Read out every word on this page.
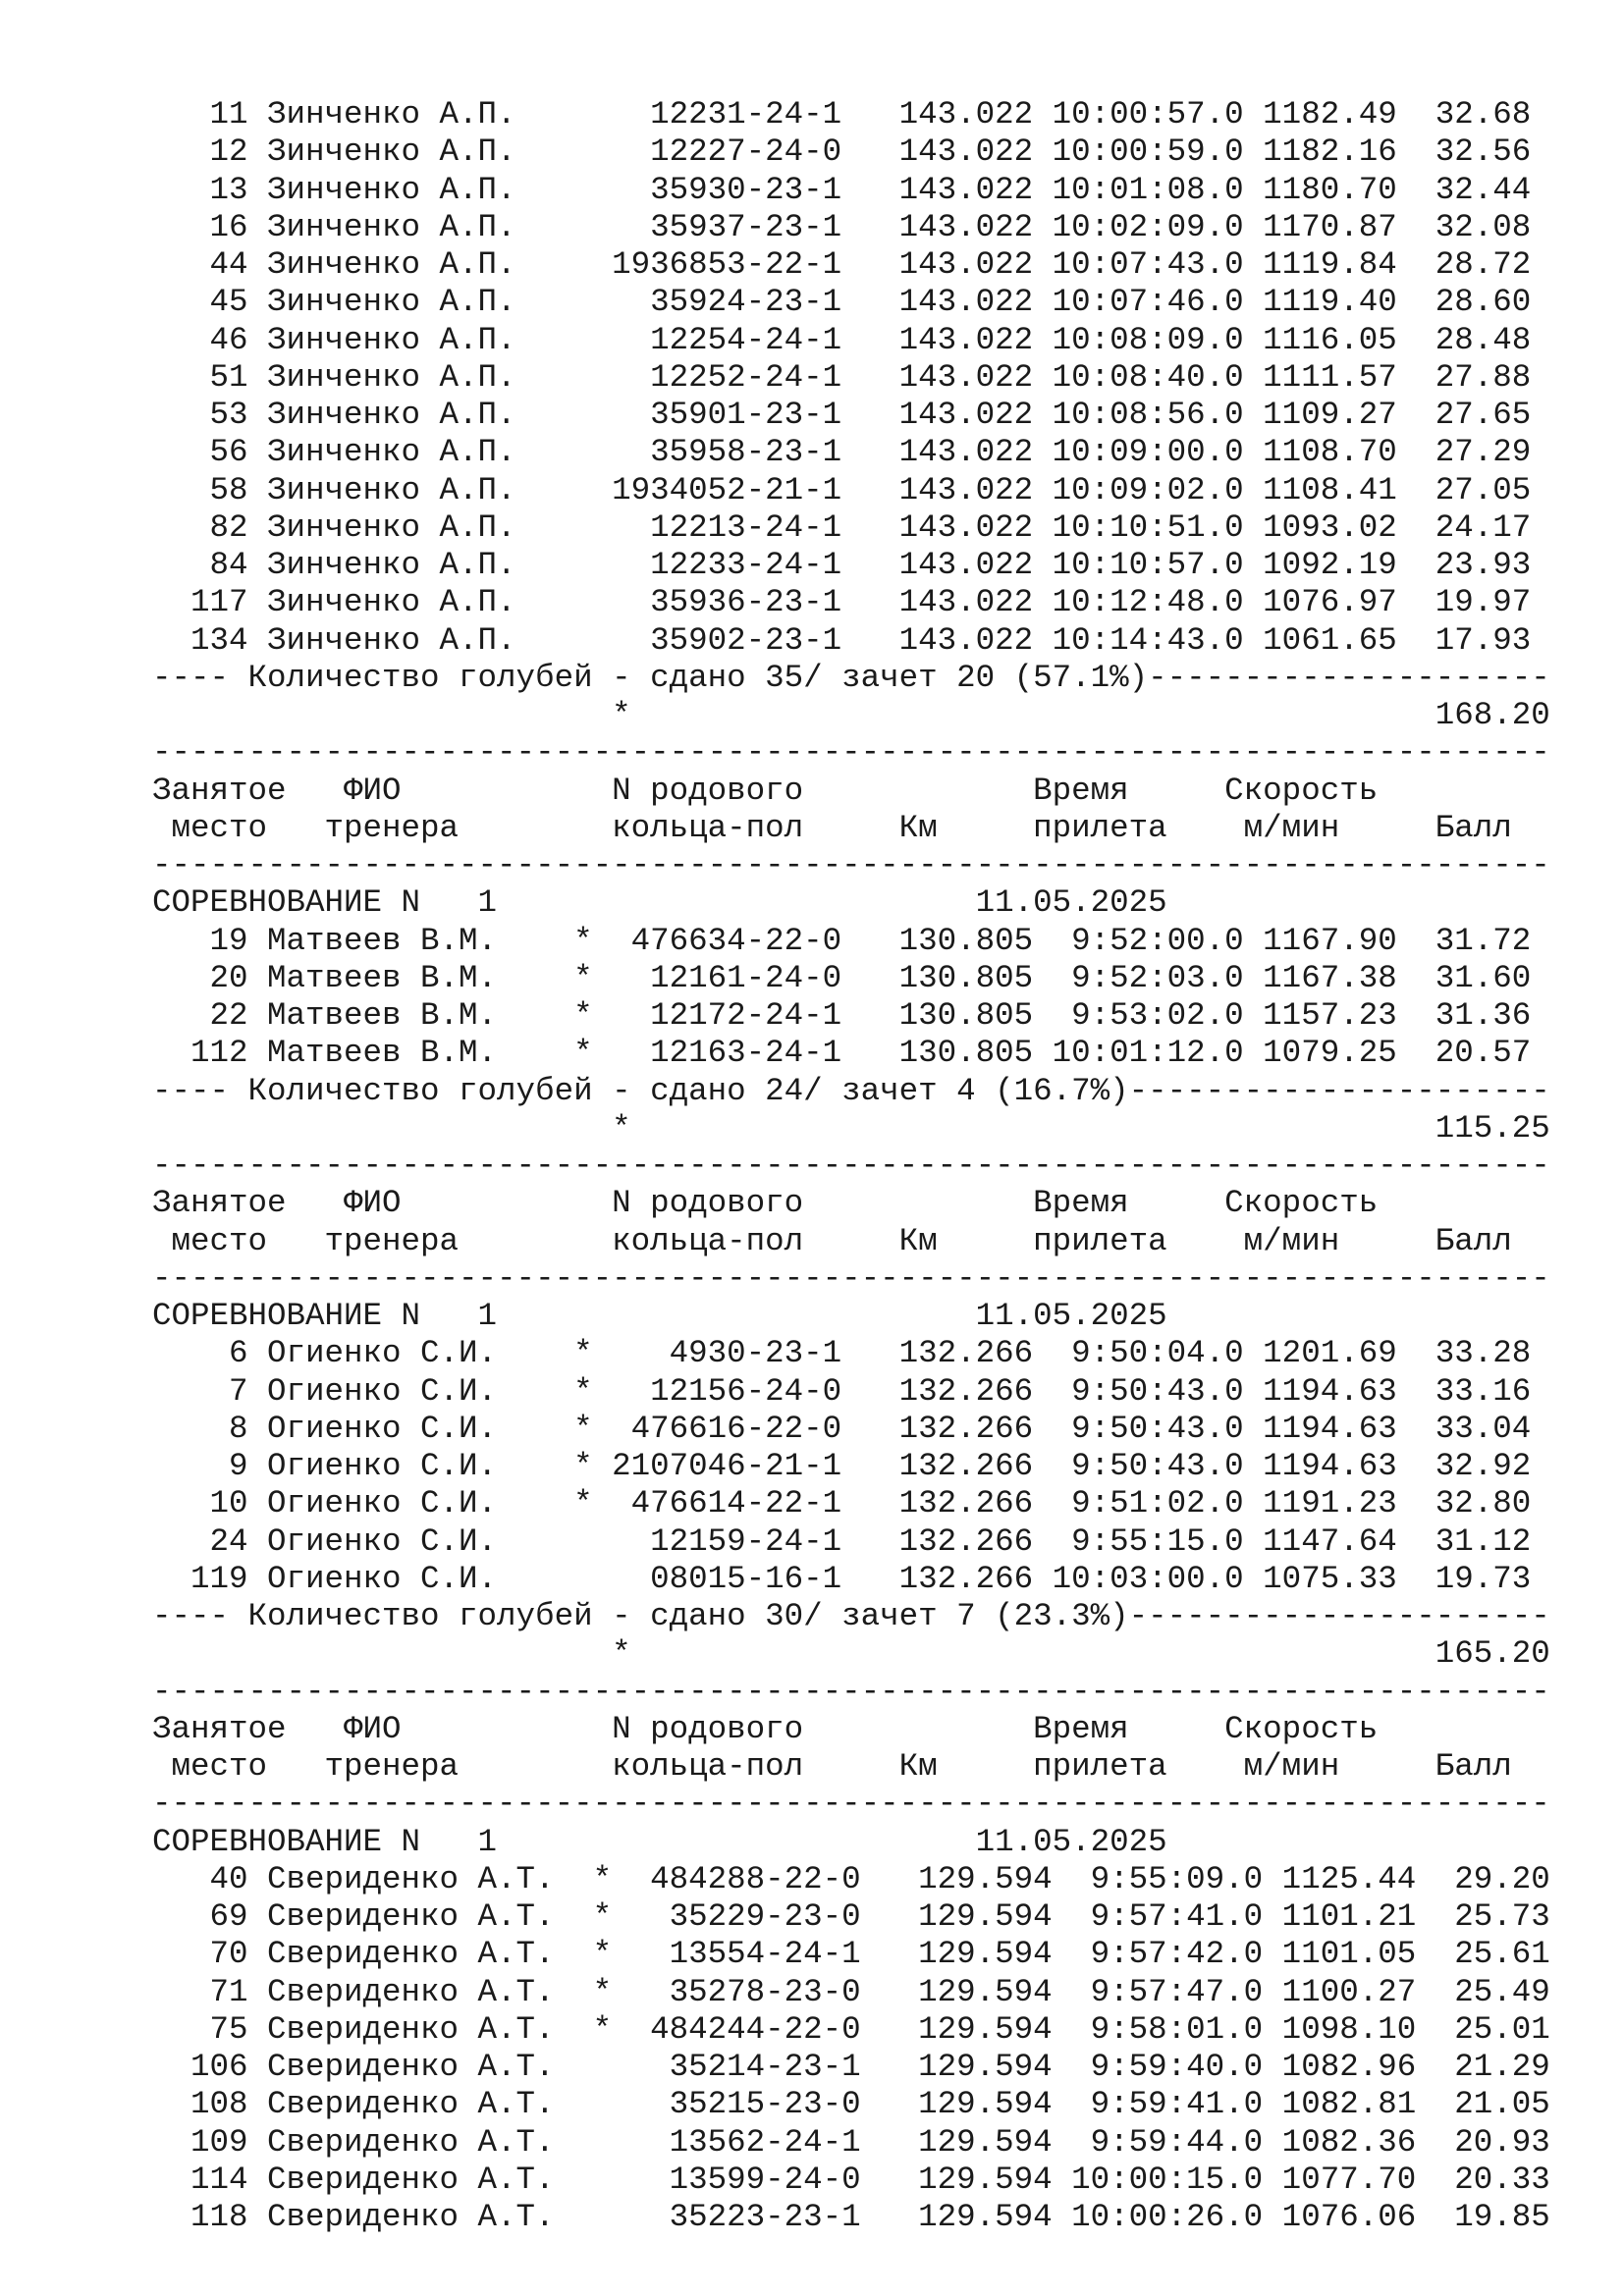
11 Зинченко А.П.       12231-24-1   143.022 10:00:57.0 1182.49  32.68
12 Зинченко А.П.       12227-24-0   143.022 10:00:59.0 1182.16  32.56
13 Зинченко А.П.       35930-23-1   143.022 10:01:08.0 1180.70  32.44
16 Зинченко А.П.       35937-23-1   143.022 10:02:09.0 1170.87  32.08
44 Зинченко А.П.     1936853-22-1   143.022 10:07:43.0 1119.84  28.72
45 Зинченко А.П.       35924-23-1   143.022 10:07:46.0 1119.40  28.60
46 Зинченко А.П.       12254-24-1   143.022 10:08:09.0 1116.05  28.48
51 Зинченко А.П.       12252-24-1   143.022 10:08:40.0 1111.57  27.88
53 Зинченко А.П.       35901-23-1   143.022 10:08:56.0 1109.27  27.65
56 Зинченко А.П.       35958-23-1   143.022 10:09:00.0 1108.70  27.29
58 Зинченко А.П.     1934052-21-1   143.022 10:09:02.0 1108.41  27.05
82 Зинченко А.П.       12213-24-1   143.022 10:10:51.0 1093.02  24.17
84 Зинченко А.П.       12233-24-1   143.022 10:10:57.0 1092.19  23.93
117 Зинченко А.П.       35936-23-1   143.022 10:12:48.0 1076.97  19.97
134 Зинченко А.П.       35902-23-1   143.022 10:14:43.0 1061.65  17.93
---- Количество голубей - сдано 35/ зачет 20 (57.1%)---------------------
*                                          168.20
-------------------------------------------------------------------------
Занятое   ФИО           N родового            Время     Скорость
место   тренера        кольца-пол     Км     прилета    м/мин     Балл
-------------------------------------------------------------------------
СОРЕВНОВАНИЕ N   1                         11.05.2025
19 Матвеев В.М.    *  476634-22-0   130.805  9:52:00.0 1167.90  31.72
20 Матвеев В.М.    *   12161-24-0   130.805  9:52:03.0 1167.38  31.60
22 Матвеев В.М.    *   12172-24-1   130.805  9:53:02.0 1157.23  31.36
112 Матвеев В.М.    *   12163-24-1   130.805 10:01:12.0 1079.25  20.57
---- Количество голубей - сдано 24/ зачет 4 (16.7%)----------------------
*                                          115.25
-------------------------------------------------------------------------
Занятое   ФИО           N родового            Время     Скорость
место   тренера        кольца-пол     Км     прилета    м/мин     Балл
-------------------------------------------------------------------------
СОРЕВНОВАНИЕ N   1                         11.05.2025
6 Огиенко С.И.    *    4930-23-1   132.266  9:50:04.0 1201.69  33.28
7 Огиенко С.И.    *   12156-24-0   132.266  9:50:43.0 1194.63  33.16
8 Огиенко С.И.    *  476616-22-0   132.266  9:50:43.0 1194.63  33.04
9 Огиенко С.И.    * 2107046-21-1   132.266  9:50:43.0 1194.63  32.92
10 Огиенко С.И.    *  476614-22-1   132.266  9:51:02.0 1191.23  32.80
24 Огиенко С.И.        12159-24-1   132.266  9:55:15.0 1147.64  31.12
119 Огиенко С.И.        08015-16-1   132.266 10:03:00.0 1075.33  19.73
---- Количество голубей - сдано 30/ зачет 7 (23.3%)----------------------
*                                          165.20
-------------------------------------------------------------------------
Занятое   ФИО           N родового            Время     Скорость
место   тренера        кольца-пол     Км     прилета    м/мин     Балл
-------------------------------------------------------------------------
СОРЕВНОВАНИЕ N   1                         11.05.2025
40 Свериденко А.Т.  *  484288-22-0   129.594  9:55:09.0 1125.44  29.20
69 Свериденко А.Т.  *   35229-23-0   129.594  9:57:41.0 1101.21  25.73
70 Свериденко А.Т.  *   13554-24-1   129.594  9:57:42.0 1101.05  25.61
71 Свериденко А.Т.  *   35278-23-0   129.594  9:57:47.0 1100.27  25.49
75 Свериденко А.Т.  *  484244-22-0   129.594  9:58:01.0 1098.10  25.01
106 Свериденко А.Т.      35214-23-1   129.594  9:59:40.0 1082.96  21.29
108 Свериденко А.Т.      35215-23-0   129.594  9:59:41.0 1082.81  21.05
109 Свериденко А.Т.      13562-24-1   129.594  9:59:44.0 1082.36  20.93
114 Свериденко А.Т.      13599-24-0   129.594 10:00:15.0 1077.70  20.33
118 Свериденко А.Т.      35223-23-1   129.594 10:00:26.0 1076.06  19.85
